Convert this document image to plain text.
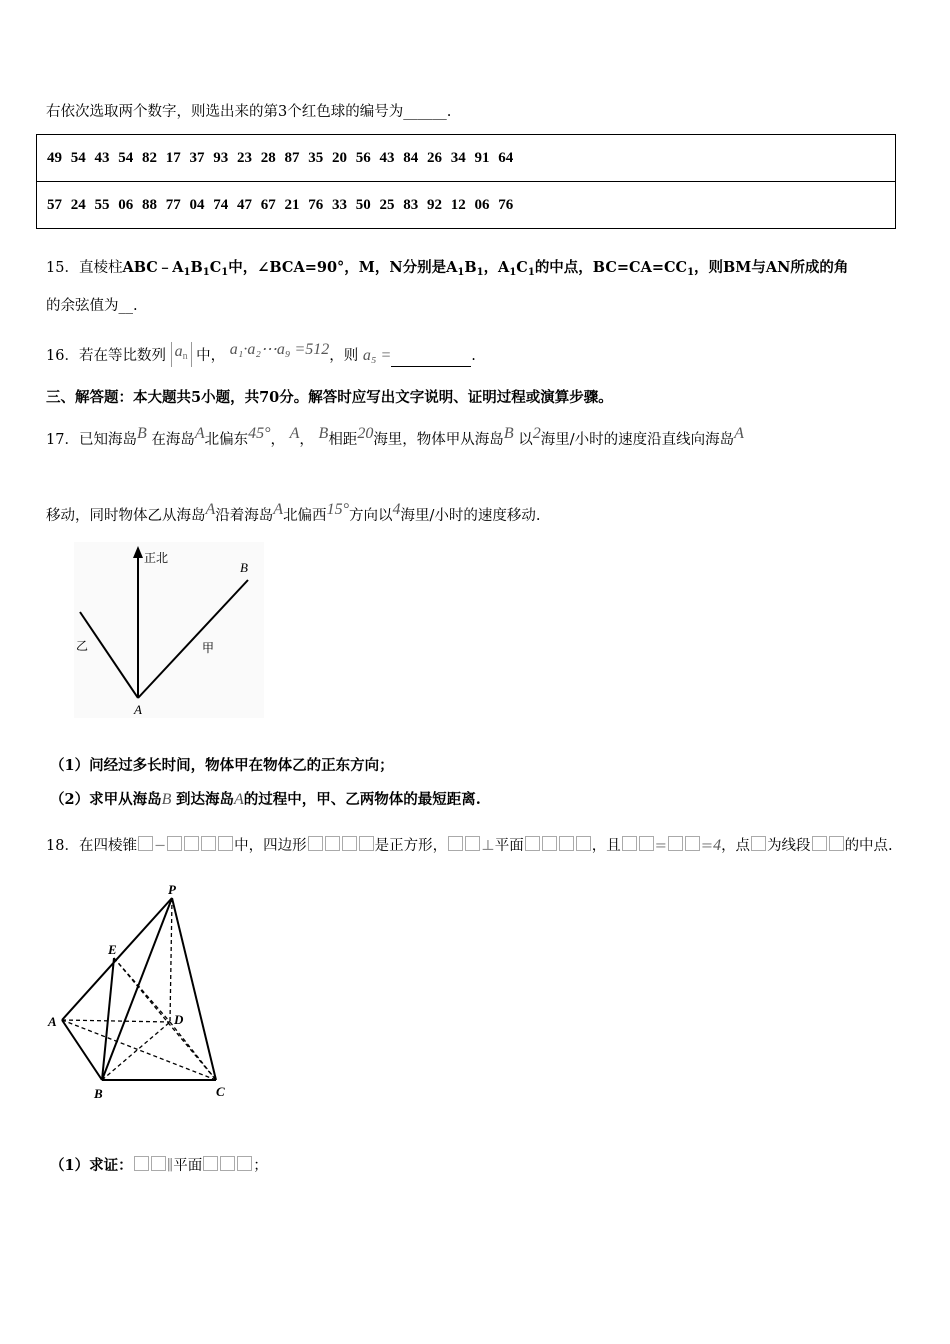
右依次选取两个数字，则选出来的第3个红色球的编号为______.
49 54 43 54 82 17 37 93 23 28 87 35 20 56 43 84 26 34 91 64
57 24 55 06 88 77 04 74 47 67 21 76 33 50 25 83 92 12 06 76
15．直棱柱$ABC﹣A_1B_1C_1$中，∠BCA=90°，M，N分别是$A_1B_1$，$A_1C_1$的中点，$BC=CA=CC_1$，则BM与AN所成的角
的余弦值为__.
16．若在等比数列 $a_n$ 中， a₁·a₂⋯a₉ =512，则 a₅ =	.
三、解答题：本大题共5小题，共70分。解答时应写出文字说明、证明过程或演算步骤。
17．已知海岛B 在海岛A北偏东45°， A， B相距20海里，物体甲从海岛B 以2海里/小时的速度沿直线向海岛A
移动，同时物体乙从海岛A沿着海岛A北偏西15°方向以4海里/小时的速度移动.
正北
B
乙	甲
A
（1）问经过多长时间，物体甲在物体乙的正东方向；
（2）求甲从海岛B 到达海岛A的过程中，甲、乙两物体的最短距离.
18．在四棱锥 −	中，四边形	是正方形， ⊥平面	，且 = =4，点 为线段 的中点.
P
E
A	D
B	C
（1）求证： ∥平面	；
